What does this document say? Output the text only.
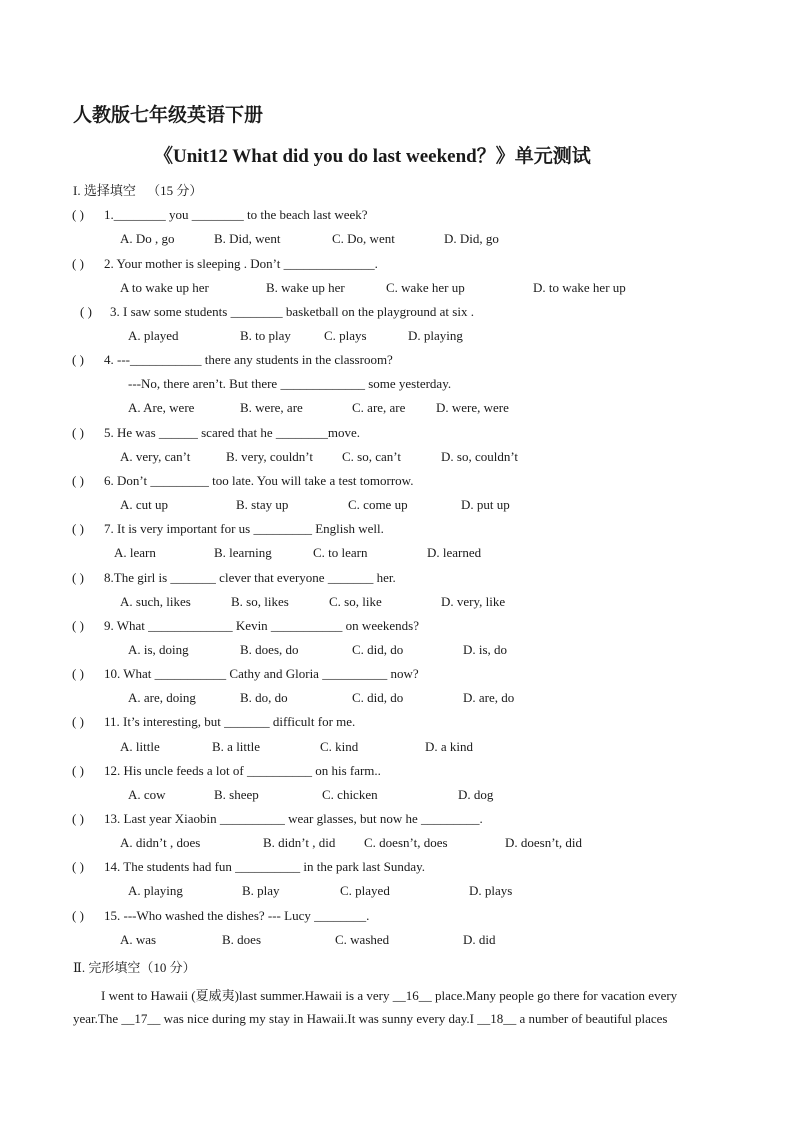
人教版七年级英语下册
《Unit12 What did you do last weekend？》单元测试
I. 选择填空 （15 分）
( ) 1.________ you ________ to the beach last week?
A. Do , go	B. Did, went	C. Do, went	D. Did, go
( ) 2. Your mother is sleeping . Don’t ______________.
A to wake up her	B. wake up her	C. wake her up	D. to wake her up
( ) 3. I saw some students ________ basketball on the playground at six .
A. played	B. to play	C. plays	D. playing
( ) 4. ---___________ there any students in the classroom?
---No, there aren’t. But there _____________ some yesterday.
A. Are, were	B. were, are	C. are, are D. were, were
( ) 5. He was ______ scared that he ________move.
A. very, can’t	B. very, couldn’t C. so, can’t	D. so, couldn’t
( ) 6. Don’t _________ too late. You will take a test tomorrow.
A. cut up	B. stay up	C. come up	D. put up
( ) 7. It is very important for us _________ English well.
A. learn	B. learning	C. to learn	D. learned
( ) 8.The girl is _______ clever that everyone _______ her.
A. such, likes	B. so, likes	C. so, like	D. very, like
( ) 9. What _____________ Kevin ___________ on weekends?
A. is, doing	B. does, do	C. did, do	D. is, do
( ) 10. What ___________ Cathy and Gloria __________ now?
A. are, doing	B. do, do	C. did, do	D. are, do
( ) 11. It’s interesting, but _______ difficult for me.
A. little	B. a little	C. kind	D. a kind
( ) 12. His uncle feeds a lot of __________ on his farm..
A. cow	B. sheep	C. chicken	D. dog
( ) 13. Last year Xiaobin __________ wear glasses, but now he _________.
A. didn’t , does	B. didn’t , did C. doesn’t, does	D. doesn’t, did
( ) 14. The students had fun __________ in the park last Sunday.
A. playing	B. play	C. played	D. plays
( ) 15. ---Who washed the dishes? --- Lucy ________.
A. was	B. does	C. washed	D. did
Ⅱ. 完形填空（10 分）
I went to Hawaii (夏威夷)last summer.Hawaii is a very __16__ place.Many people go there for vacation every
year.The __17__ was nice during my stay in Hawaii.It was sunny every day.I __18__ a number of beautiful places
